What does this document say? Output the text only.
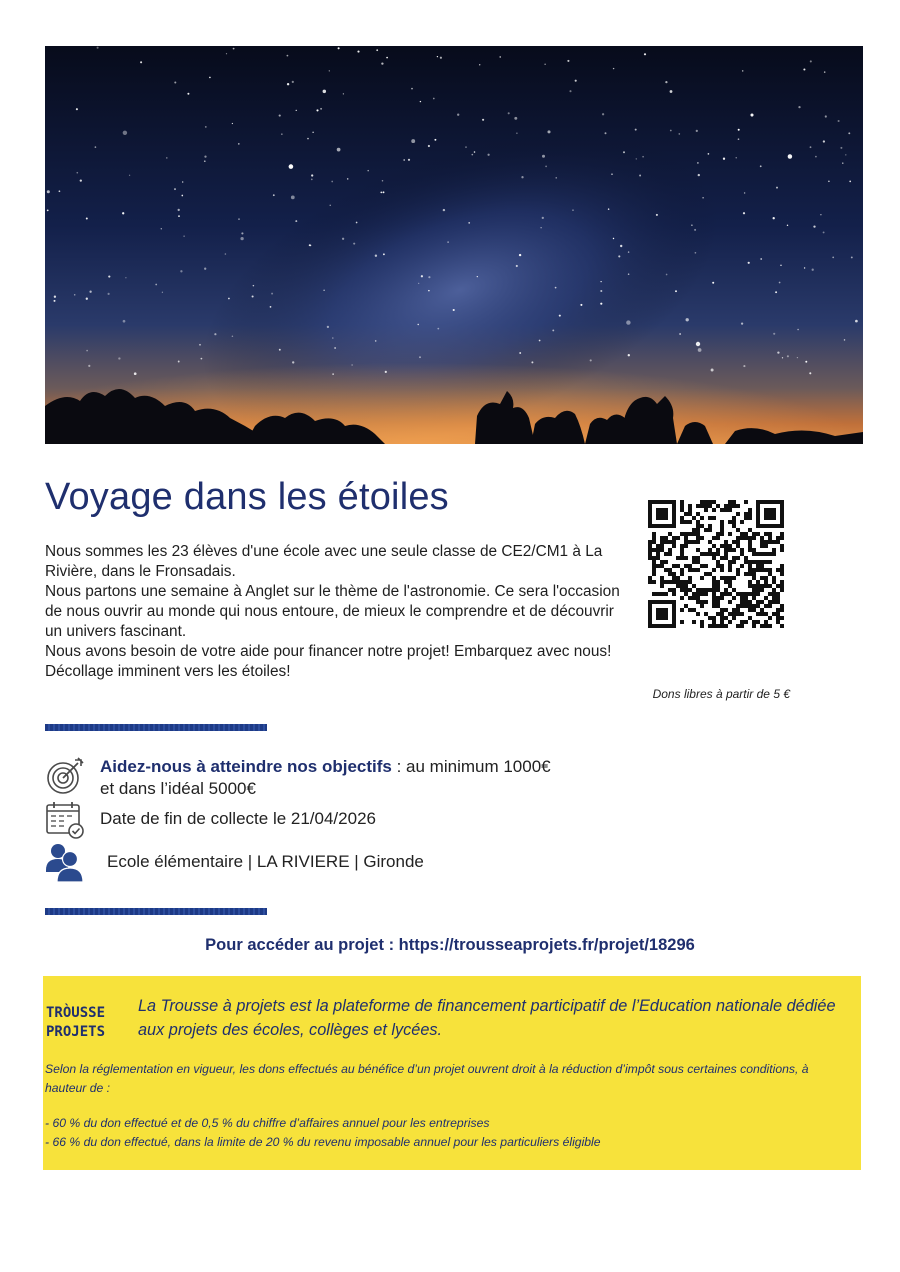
Voyage dans les étoiles

Nous sommes les 23 élèves d'une école avec une seule classe de CE2/CM1 à La Rivière, dans le Fronsadais.

Nous partons une semaine à Anglet sur le thème de l'astronomie. Ce sera l'occasion de nous ouvrir au monde qui nous entoure, de mieux le comprendre et de découvrir un univers fascinant.

Nous avons besoin de votre aide pour financer notre projet! Embarquez avec nous! Décollage imminent vers les étoiles!

Dons libres à partir de 5 €
Aidez-nous à atteindre nos objectifs : au minimum 1000€
et dans l’idéal 5000€
Date de fin de collecte le 21/04/2026
Ecole élémentaire | LA RIVIERE | Gironde
Pour accéder au projet : https://trousseaprojets.fr/projet/18296
TRÒUSSE
PROJETS
La Trousse à projets est la plateforme de financement participatif de l’Education nationale dédiée aux projets des écoles, collèges et lycées.

Selon la réglementation en vigueur, les dons effectués au bénéfice d’un projet ouvrent droit à la réduction d’impôt sous certaines conditions, à hauteur de :

- 60 % du don effectué et de 0,5 % du chiffre d’affaires annuel pour les entreprises

- 66 % du don effectué, dans la limite de 20 % du revenu imposable annuel pour les particuliers éligible
